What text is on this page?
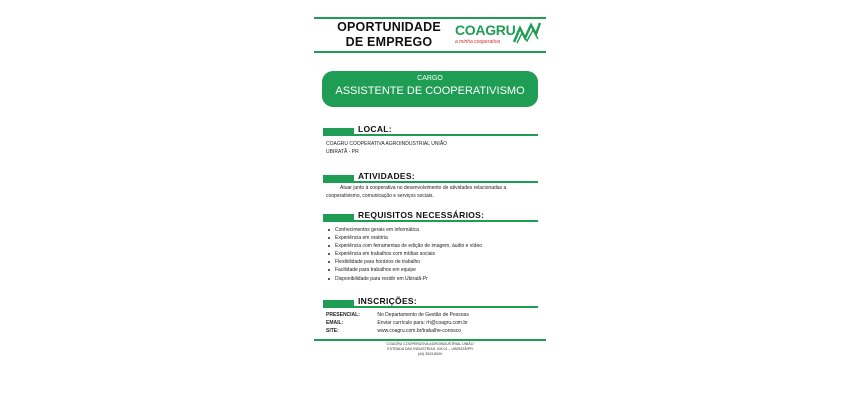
OPORTUNIDADE
DE EMPREGO
COAGRU
a minha cooperativa
CARGO
ASSISTENTE DE COOPERATIVISMO
LOCAL:
COAGRU COOPERATIVA AGROINDUSTRIAL UNIÃO
UBIRATÃ - PR
ATIVIDADES:
Atuar junto à cooperativa no desenvolvimento de atividades relacionadas a cooperativismo, comunicação e serviços sociais.
REQUISITOS NECESSÁRIOS:
Conhecimentos gerais em informática
Experiência em oratória
Experiência com ferramentas de edição de imagem, áudio e vídeo
Experiência em trabalhos com mídias sociais
Flexibilidade para horários de trabalho
Facilidade para trabalhos em equipe
Disponibilidade para residir em Ubiratã-Pr
INSCRIÇÕES:
PRESENCIAL:	No Departamento de Gestão de Pessoas
EMAIL:	Enviar currículo para: rh@coagru.com.br
SITE:	www.coagru.com.br/trabalhe-conosco
COAGRU COOPERATIVA AGROINDUSTRIAL UNIÃO
ESTRADA DAS INDUSTRIAS, KM 01 – UBIRATÃ/PR
(44) 3543-8000
